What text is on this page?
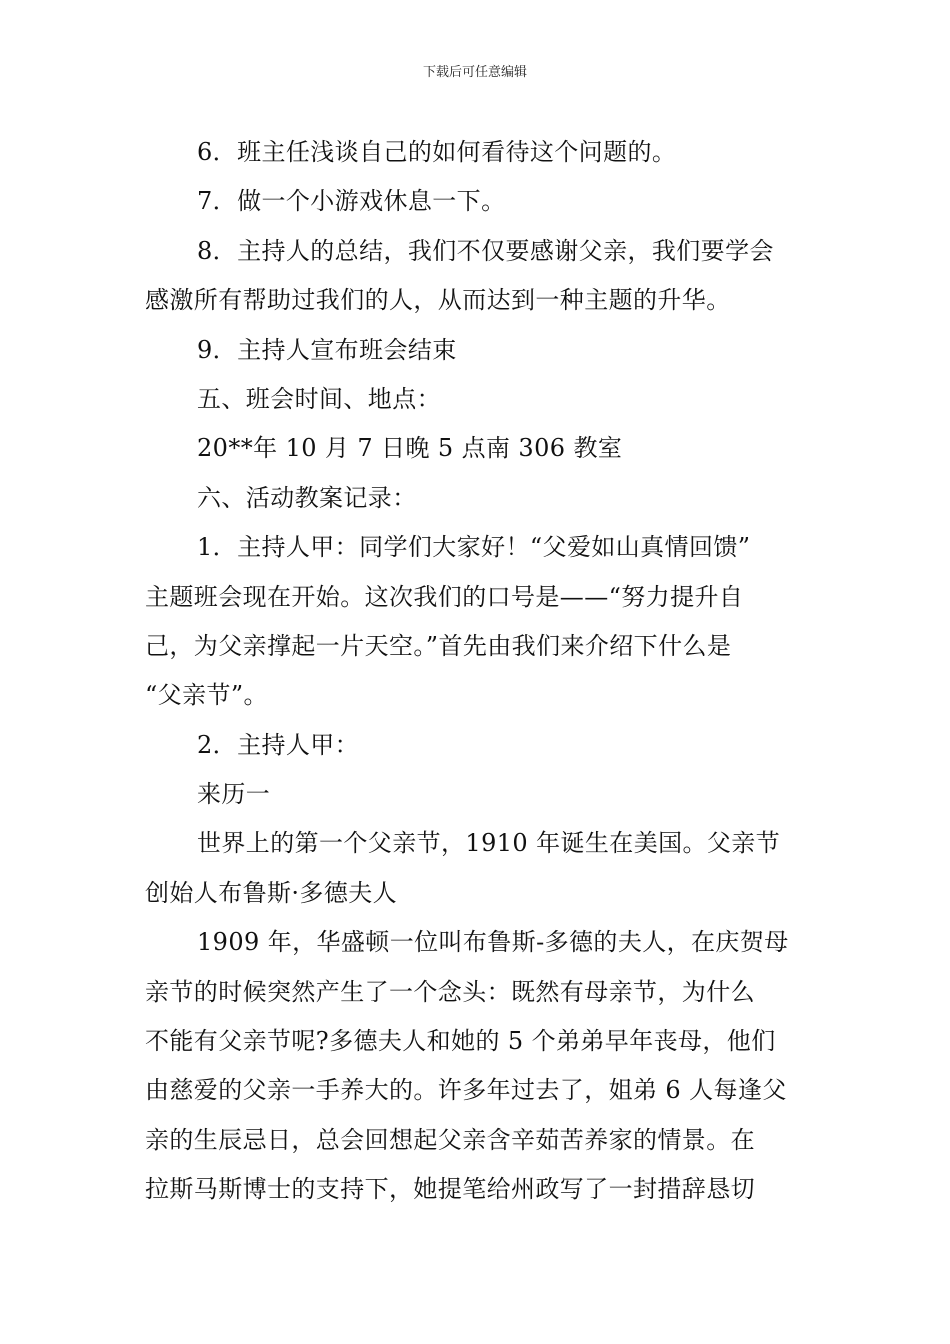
下载后可任意编辑
6．班主任浅谈自己的如何看待这个问题的。
7．做一个小游戏休息一下。
8．主持人的总结，我们不仅要感谢父亲，我们要学会
感激所有帮助过我们的人，从而达到一种主题的升华。
9．主持人宣布班会结束
五、班会时间、地点：
20**年 10 月 7 日晚 5 点南 306 教室
六、活动教案记录：
1．主持人甲：同学们大家好！“父爱如山真情回馈”
主题班会现在开始。这次我们的口号是——“努力提升自
己，为父亲撑起一片天空。”首先由我们来介绍下什么是
“父亲节”。
2．主持人甲：
来历一
世界上的第一个父亲节，1910 年诞生在美国。父亲节
创始人布鲁斯·多德夫人
1909 年，华盛顿一位叫布鲁斯-多德的夫人，在庆贺母
亲节的时候突然产生了一个念头：既然有母亲节，为什么
不能有父亲节呢?多德夫人和她的 5 个弟弟早年丧母，他们
由慈爱的父亲一手养大的。许多年过去了，姐弟 6 人每逢父
亲的生辰忌日，总会回想起父亲含辛茹苦养家的情景。在
拉斯马斯博士的支持下，她提笔给州政写了一封措辞恳切
